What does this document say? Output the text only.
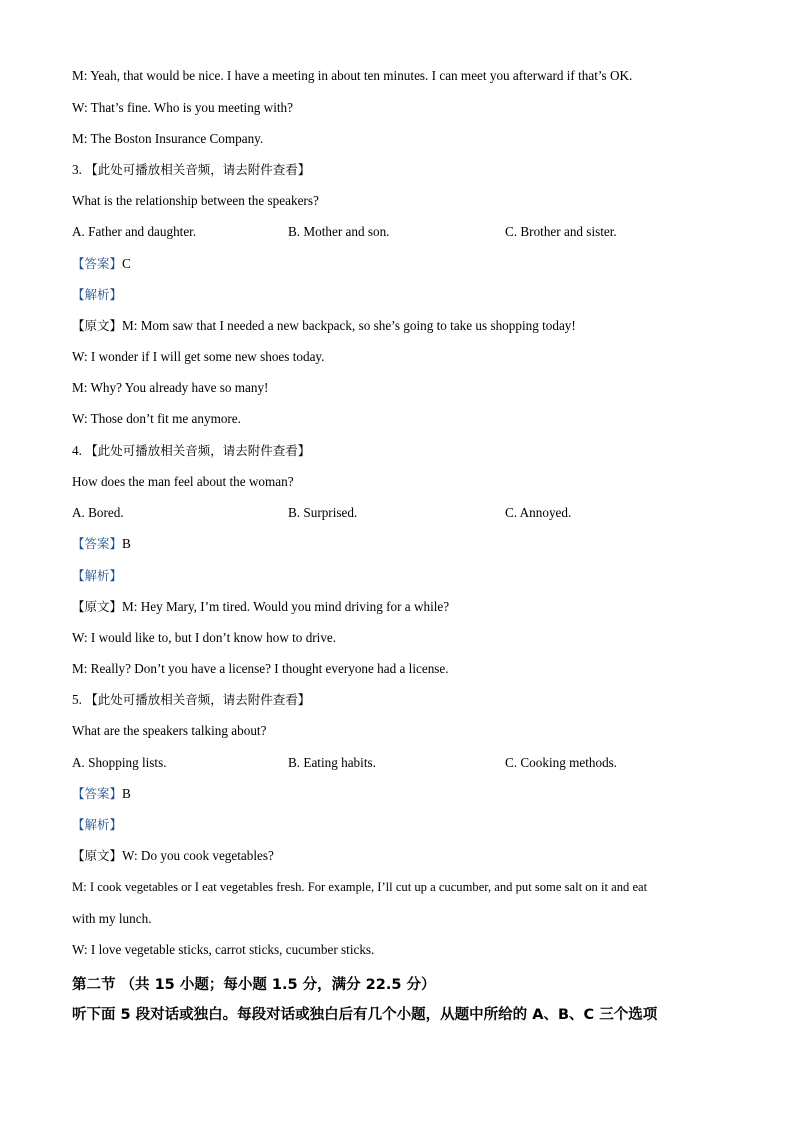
M: Yeah, that would be nice. I have a meeting in about ten minutes. I can meet you afterward if that’s OK.
W: That’s fine. Who is you meeting with?
M: The Boston Insurance Company.
3. 【此处可播放相关音频，请去附件查看】
What is the relationship between the speakers?
A. Father and daughter.	B. Mother and son.	C. Brother and sister.
【答案】C
【解析】
【原文】M: Mom saw that I needed a new backpack, so she’s going to take us shopping today!
W: I wonder if I will get some new shoes today.
M: Why? You already have so many!
W: Those don’t fit me anymore.
4. 【此处可播放相关音频，请去附件查看】
How does the man feel about the woman?
A. Bored.	B. Surprised.	C. Annoyed.
【答案】B
【解析】
【原文】M: Hey Mary, I’m tired. Would you mind driving for a while?
W: I would like to, but I don’t know how to drive.
M: Really? Don’t you have a license? I thought everyone had a license.
5. 【此处可播放相关音频，请去附件查看】
What are the speakers talking about?
A. Shopping lists.	B. Eating habits.	C. Cooking methods.
【答案】B
【解析】
【原文】W: Do you cook vegetables?
M: I cook vegetables or I eat vegetables fresh. For example, I’ll cut up a cucumber, and put some salt on it and eat
with my lunch.
W: I love vegetable sticks, carrot sticks, cucumber sticks.
第二节 （共 15 小题；每小题 1.5 分，满分 22.5 分）
听下面 5 段对话或独白。每段对话或独白后有几个小题，从题中所给的 A、B、C 三个选项
